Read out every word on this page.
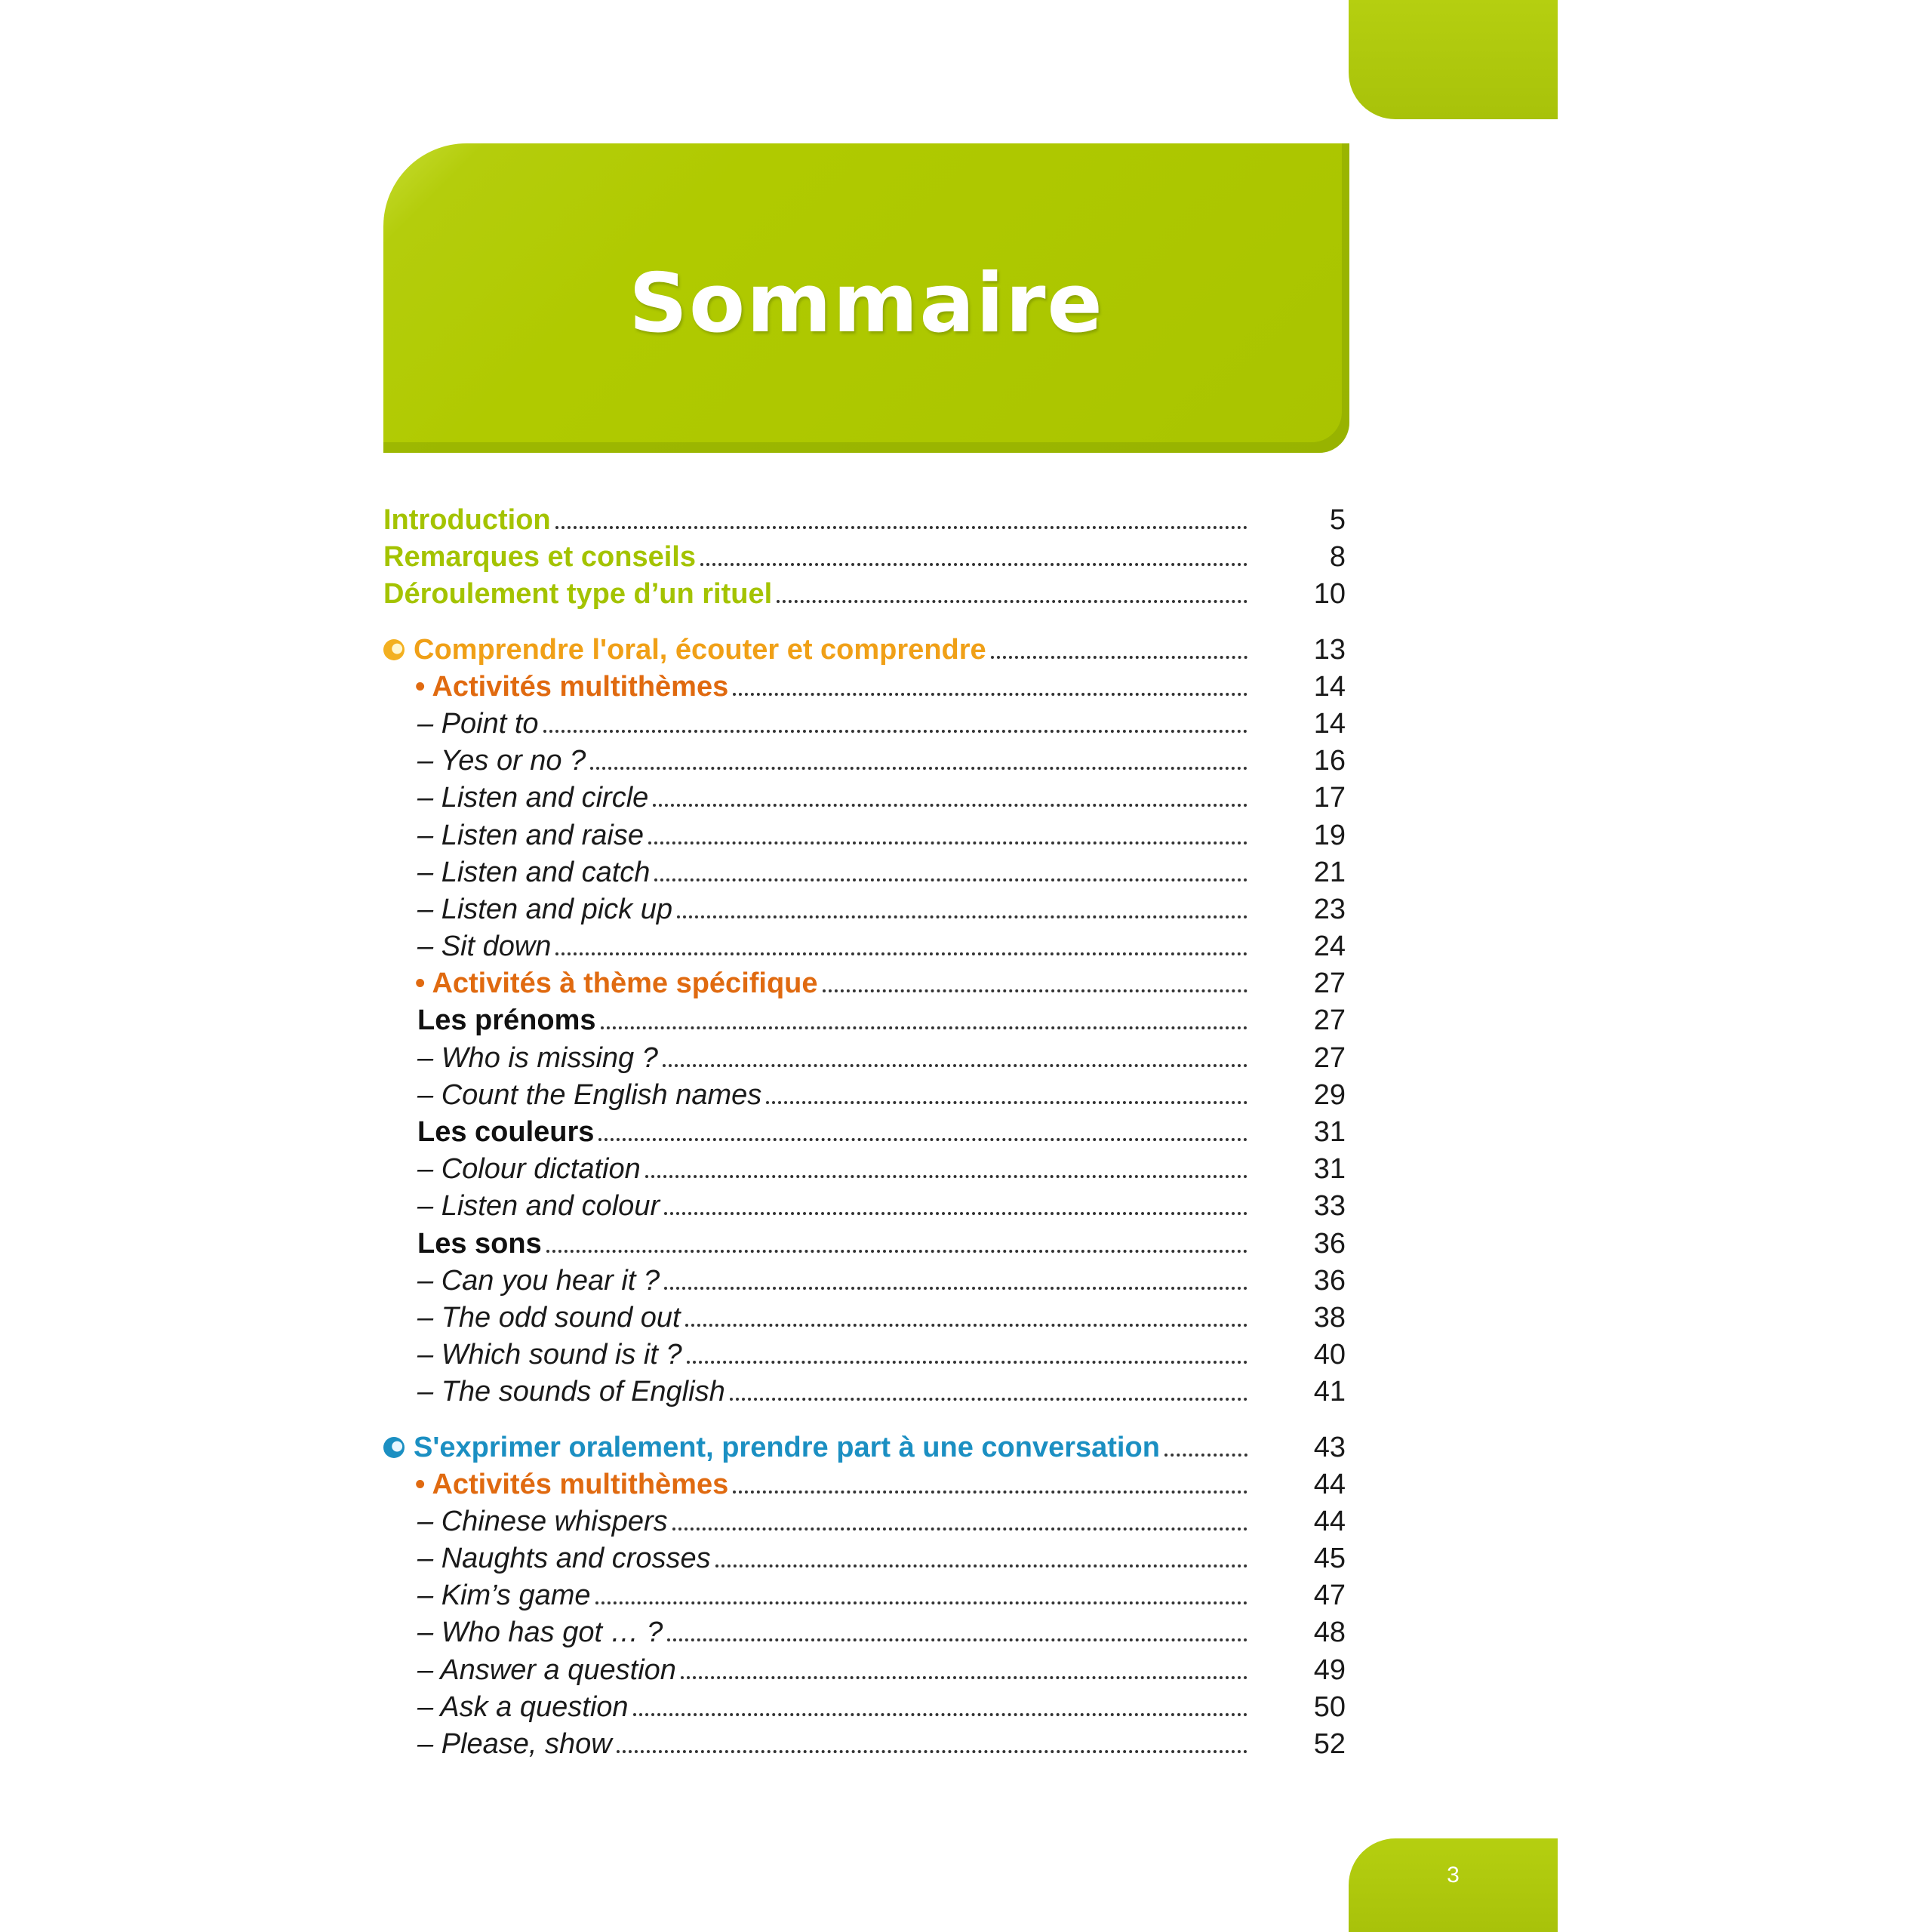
Sommaire
Introduction	5
Remarques et conseils	8
Déroulement type d’un rituel	10
Comprendre l'oral, écouter et comprendre	13
• Activités multithèmes	14
– Point to	14
– Yes or no ?	16
– Listen and circle	17
– Listen and raise	19
– Listen and catch	21
– Listen and pick up	23
– Sit down	24
• Activités à thème spécifique	27
Les prénoms	27
– Who is missing ?	27
– Count the English names	29
Les couleurs	31
– Colour dictation	31
– Listen and colour	33
Les sons	36
– Can you hear it ?	36
– The odd sound out	38
– Which sound is it ?	40
– The sounds of English	41
S'exprimer oralement, prendre part à une conversation	43
• Activités multithèmes	44
– Chinese whispers	44
– Naughts and crosses	45
– Kim’s game	47
– Who has got … ?	48
– Answer a question	49
– Ask a question	50
– Please, show	52
3
